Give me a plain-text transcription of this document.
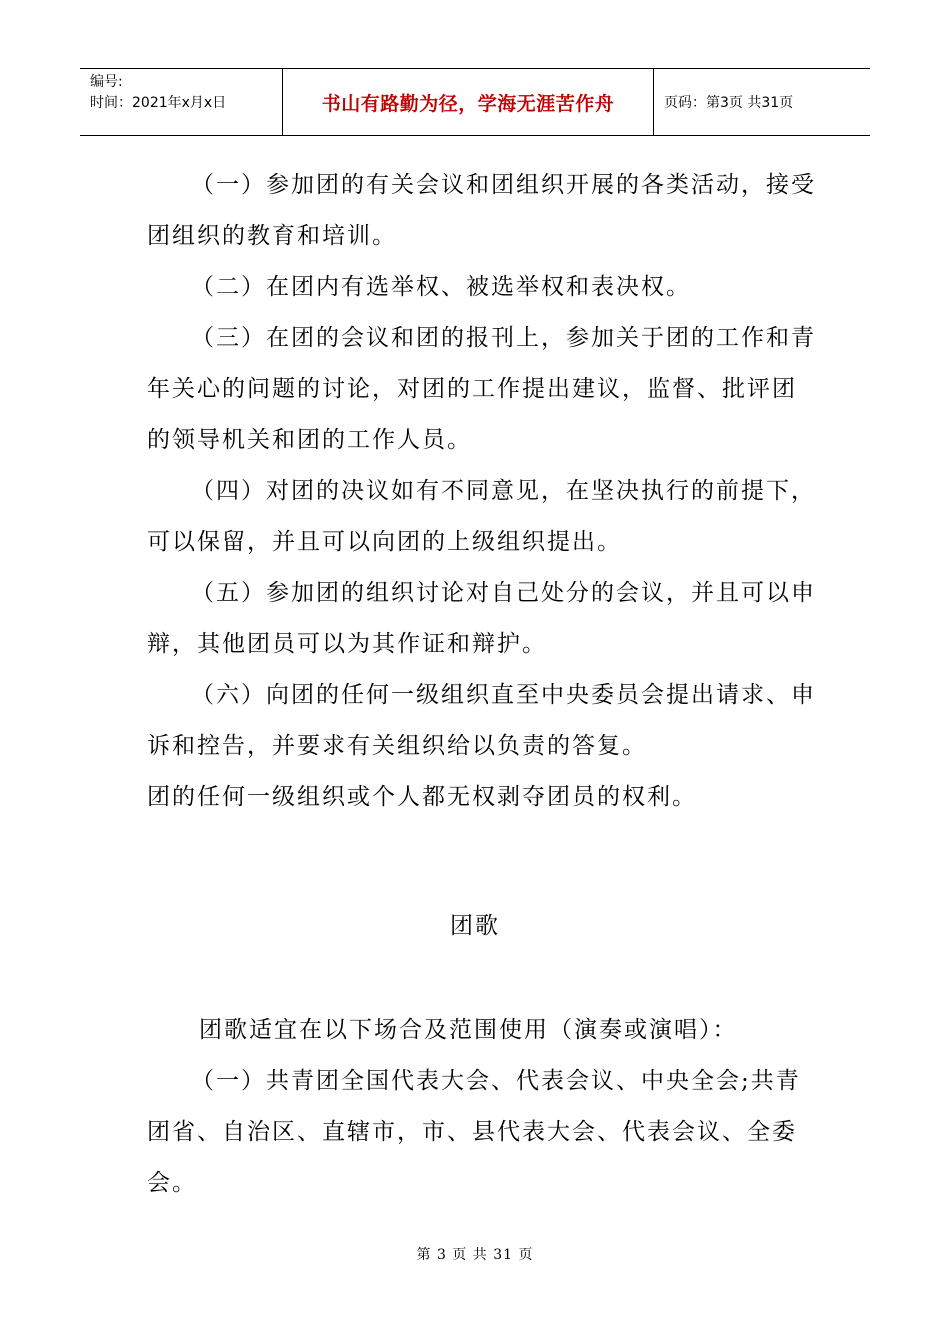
编号:
时间：2021年x月x日	书山有路勤为径，学海无涯苦作舟	页码：第3页 共31页

（一）参加团的有关会议和团组织开展的各类活动，接受团组织的教育和培训。

（二）在团内有选举权、被选举权和表决权。

（三）在团的会议和团的报刊上，参加关于团的工作和青年关心的问题的讨论，对团的工作提出建议，监督、批评团的领导机关和团的工作人员。

（四）对团的决议如有不同意见，在坚决执行的前提下，可以保留，并且可以向团的上级组织提出。

（五）参加团的组织讨论对自己处分的会议，并且可以申辩，其他团员可以为其作证和辩护。

（六）向团的任何一级组织直至中央委员会提出请求、申诉和控告，并要求有关组织给以负责的答复。

团的任何一级组织或个人都无权剥夺团员的权利。

团歌

团歌适宜在以下场合及范围使用（演奏或演唱）：

（一）共青团全国代表大会、代表会议、中央全会;共青团省、自治区、直辖市，市、县代表大会、代表会议、全委会。

第 3 页 共 31 页
